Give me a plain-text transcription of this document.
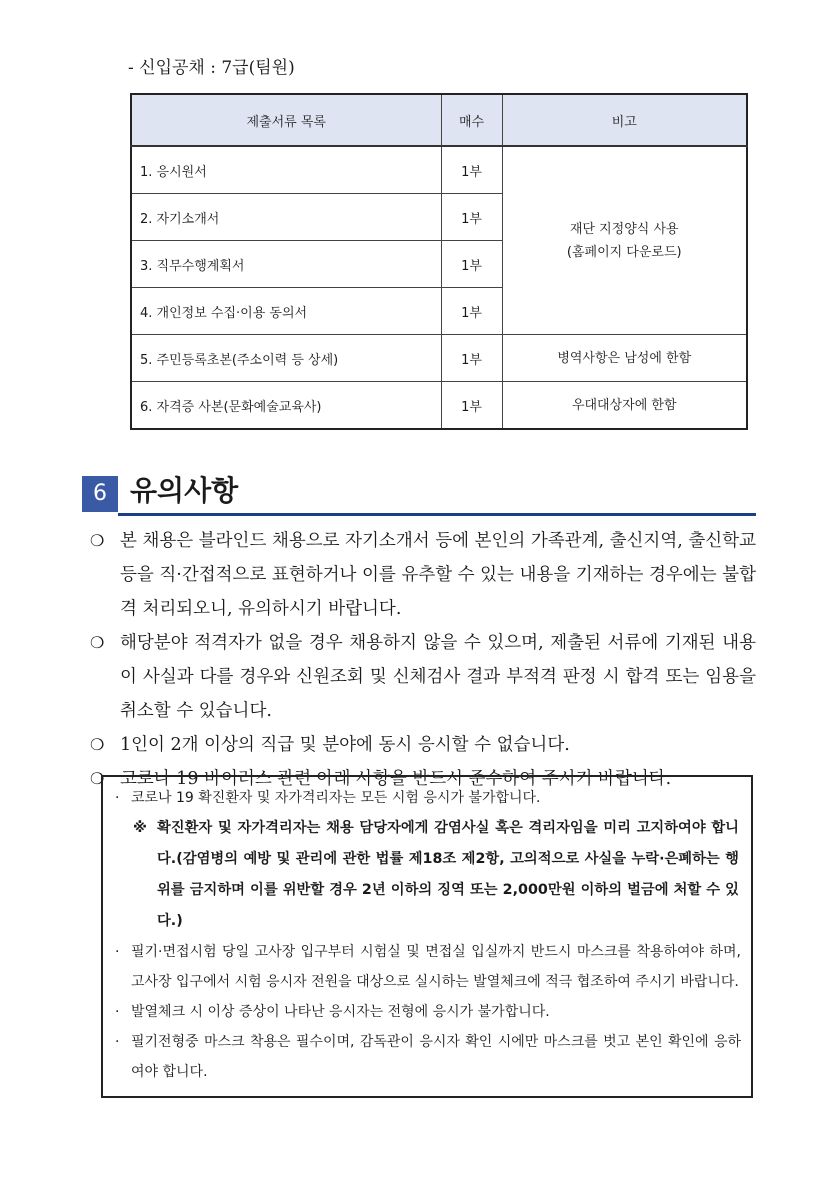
- 신입공채 : 7급(팀원)
제출서류 목록	매수	비고
1. 응시원서	1부	재단 지정양식 사용
(홈페이지 다운로드)

2. 자기소개서	1부	
3. 직무수행계획서	1부	
4. 개인정보 수집·이용 동의서	1부	
5. 주민등록초본(주소이력 등 상세)	1부	병역사항은 남성에 한함
6. 자격증 사본(문화예술교육사)	1부	우대대상자에 한함
6 유의사항
❍ 본 채용은 블라인드 채용으로 자기소개서 등에 본인의 가족관계, 출신지역, 출신학교 등을 직·간접적으로 표현하거나 이를 유추할 수 있는 내용을 기재하는 경우에는 불합격 처리되오니, 유의하시기 바랍니다.
❍ 해당분야 적격자가 없을 경우 채용하지 않을 수 있으며, 제출된 서류에 기재된 내용이 사실과 다를 경우와 신원조회 및 신체검사 결과 부적격 판정 시 합격 또는 임용을 취소할 수 있습니다.
❍ 1인이 2개 이상의 직급 및 분야에 동시 응시할 수 없습니다.
❍ 코로나 19 바이러스 관련 아래 사항을 반드시 준수하여 주시기 바랍니다.
· 코로나 19 확진환자 및 자가격리자는 모든 시험 응시가 불가합니다.
※ 확진환자 및 자가격리자는 채용 담당자에게 감염사실 혹은 격리자임을 미리 고지하여야 합니다.(감염병의 예방 및 관리에 관한 법률 제18조 제2항, 고의적으로 사실을 누락·은폐하는 행위를 금지하며 이를 위반할 경우 2년 이하의 징역 또는 2,000만원 이하의 벌금에 처할 수 있다.)
· 필기·면접시험 당일 고사장 입구부터 시험실 및 면접실 입실까지 반드시 마스크를 착용하여야 하며, 고사장 입구에서 시험 응시자 전원을 대상으로 실시하는 발열체크에 적극 협조하여 주시기 바랍니다.
· 발열체크 시 이상 증상이 나타난 응시자는 전형에 응시가 불가합니다.
· 필기전형중 마스크 착용은 필수이며, 감독관이 응시자 확인 시에만 마스크를 벗고 본인 확인에 응하여야 합니다.
